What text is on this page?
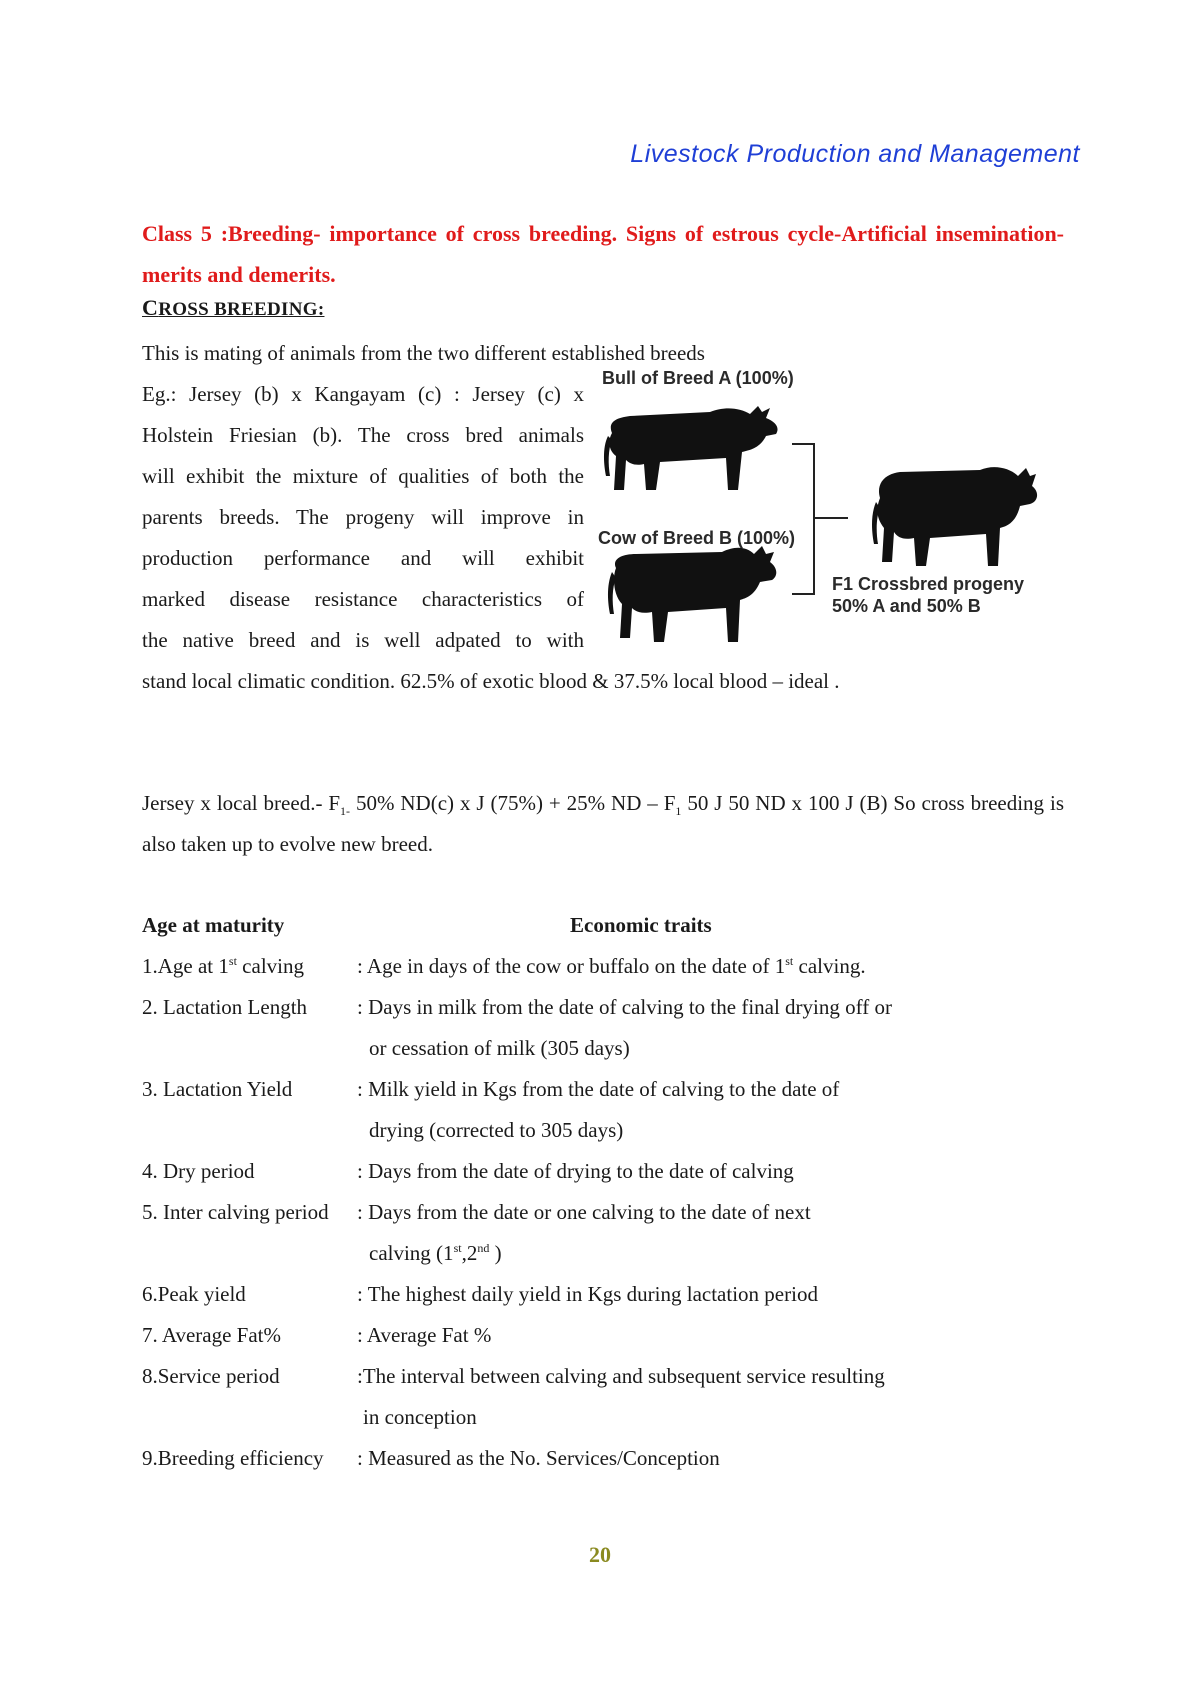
Livestock Production and Management
Class 5 :Breeding- importance of cross breeding. Signs of estrous cycle-Artificial insemination-merits and demerits.
CROSS BREEDING:
This is mating of animals from the two different established breeds
Eg.: Jersey (b) x Kangayam (c) : Jersey (c) x
Holstein Friesian (b). The cross bred animals
will exhibit the mixture of qualities of both the
parents breeds. The progeny will improve in
production performance and will exhibit
marked disease resistance characteristics of
the native breed and is well adpated to with
stand local climatic condition. 62.5% of exotic blood & 37.5% local blood – ideal .
Bull of Breed A (100%)
Cow of Breed B (100%)
F1 Crossbred progeny
50% A and 50% B
Jersey x local breed.- $F_{1-}$ 50% ND(c) x J (75%) + 25% ND – $F_1$ 50 J 50 ND x 100 J (B) So cross breeding is also taken up to evolve new breed.
Age at maturity	Economic traits
1.Age at 1st calving	: Age in days of the cow or buffalo on the date of 1st calving.
2. Lactation Length : Days in milk from the date of calving to the final drying off or
or cessation of milk (305 days)
3. Lactation Yield	: Milk yield in Kgs from the date of calving to the date of
drying (corrected to 305 days)
4. Dry period	: Days from the date of drying to the date of calving
5. Inter calving period : Days from the date or one calving to the date of next
calving (1st,2nd )
6.Peak yield	: The highest daily yield in Kgs during lactation period
7. Average Fat%	: Average Fat %
8.Service period	:The interval between calving and subsequent service resulting
in conception
9.Breeding efficiency : Measured as the No. Services/Conception
20
